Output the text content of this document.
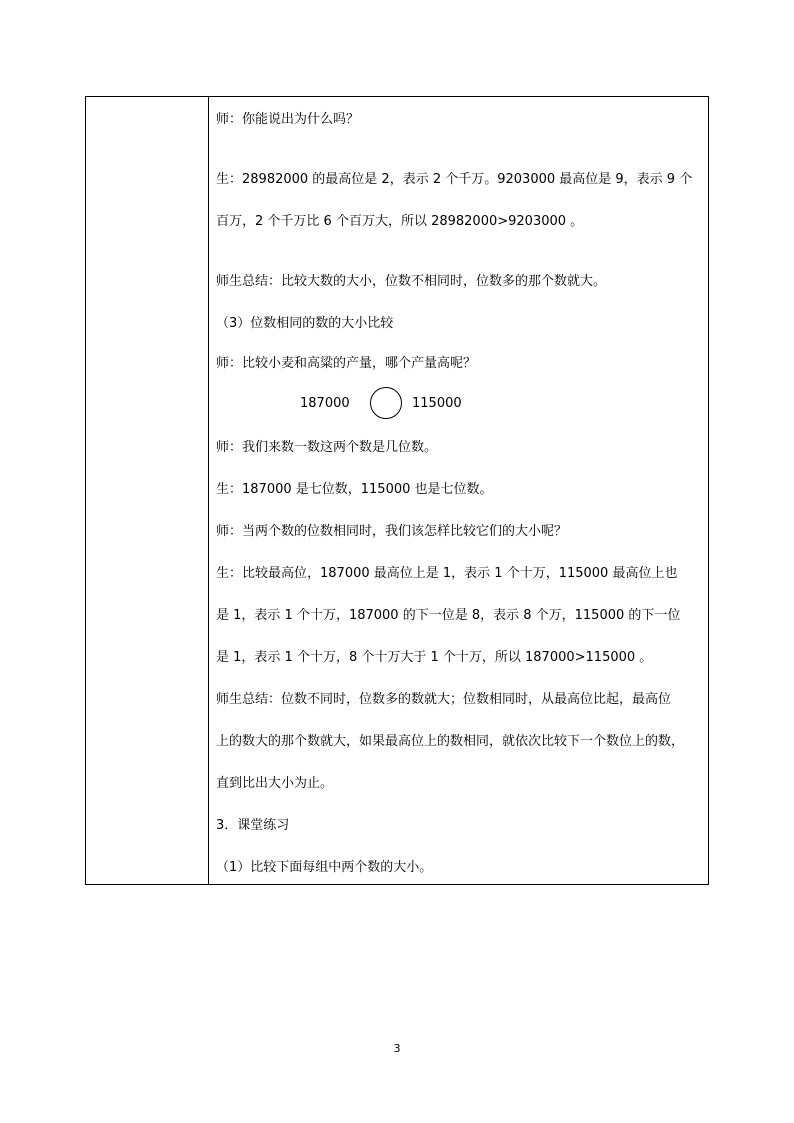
师：你能说出为什么吗？
生：28982000 的最高位是 2，表示 2 个千万。9203000 最高位是 9，表示 9 个
百万，2 个千万比 6 个百万大，所以 28982000>9203000 。
师生总结：比较大数的大小，位数不相同时，位数多的那个数就大。
（3）位数相同的数的大小比较
师：比较小麦和高粱的产量，哪个产量高呢？
187000	115000
师：我们来数一数这两个数是几位数。
生：187000 是七位数，115000 也是七位数。
师：当两个数的位数相同时，我们该怎样比较它们的大小呢？
生：比较最高位，187000 最高位上是 1，表示 1 个十万，115000 最高位上也
是 1，表示 1 个十万，187000 的下一位是 8，表示 8 个万，115000 的下一位
是 1，表示 1 个十万，8 个十万大于 1 个十万，所以 187000>115000 。
师生总结：位数不同时，位数多的数就大；位数相同时，从最高位比起，最高位
上的数大的那个数就大，如果最高位上的数相同，就依次比较下一个数位上的数，
直到比出大小为止。
3．课堂练习
（1）比较下面每组中两个数的大小。
3
